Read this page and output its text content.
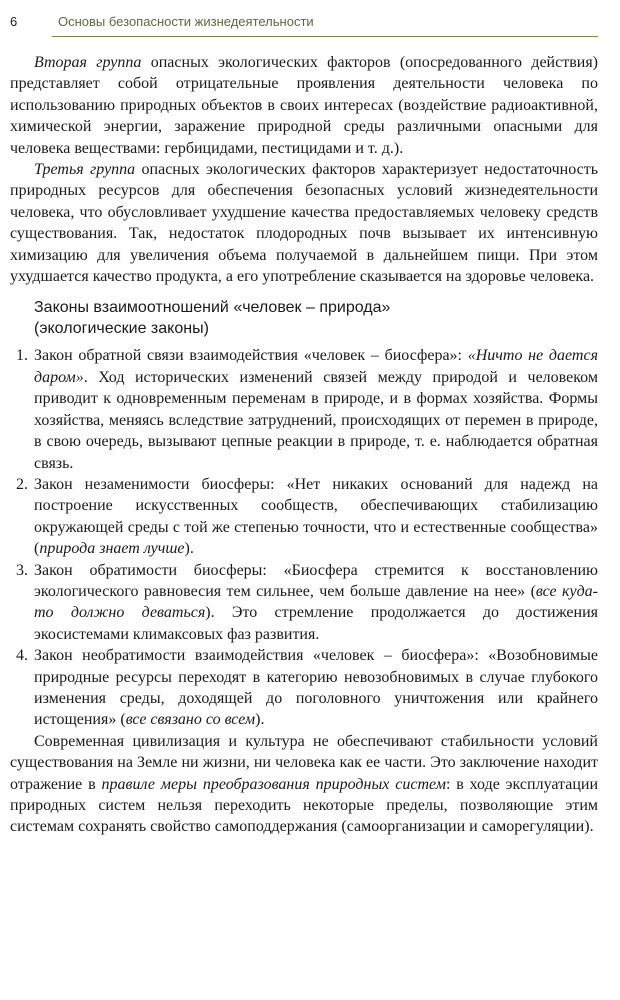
6	Основы безопасности жизнедеятельности

Вторая группа опасных экологических факторов (опосредованного действия) представляет собой отрицательные проявления деятельности человека по использованию природных объектов в своих интересах (воздействие радиоактивной, химической энергии, заражение природной среды различными опасными для человека веществами: гербицидами, пестицидами и т. д.).

Третья группа опасных экологических факторов характеризует недостаточность природных ресурсов для обеспечения безопасных условий жизнедеятельности человека, что обусловливает ухудшение качества предоставляемых человеку средств существования. Так, недостаток плодородных почв вызывает их интенсивную химизацию для увеличения объема получаемой в дальнейшем пищи. При этом ухудшается качество продукта, а его употребление сказывается на здоровье человека.

Законы взаимоотношений «человек – природа»
(экологические законы)
1. Закон обратной связи взаимодействия «человек – биосфера»: «Ничто не дается даром». Ход исторических изменений связей между природой и человеком приводит к одновременным переменам в природе, и в формах хозяйства. Формы хозяйства, меняясь вследствие затруднений, происходящих от перемен в природе, в свою очередь, вызывают цепные реакции в природе, т. е. наблюдается обратная связь.
2. Закон незаменимости биосферы: «Нет никаких оснований для надежд на построение искусственных сообществ, обеспечивающих стабилизацию окружающей среды с той же степенью точности, что и естественные сообщества» (природа знает лучше).
3. Закон обратимости биосферы: «Биосфера стремится к восстановлению экологического равновесия тем сильнее, чем больше давление на нее» (все куда-то должно деваться). Это стремление продолжается до достижения экосистемами климаксовых фаз развития.
4. Закон необратимости взаимодействия «человек – биосфера»: «Возобновимые природные ресурсы переходят в категорию невозобновимых в случае глубокого изменения среды, доходящей до поголовного уничтожения или крайнего истощения» (все связано со всем).

Современная цивилизация и культура не обеспечивают стабильности условий существования на Земле ни жизни, ни человека как ее части. Это заключение находит отражение в правиле меры преобразования природных систем: в ходе эксплуатации природных систем нельзя переходить некоторые пределы, позволяющие этим системам сохранять свойство самоподдержания (самоорганизации и саморегуляции).
